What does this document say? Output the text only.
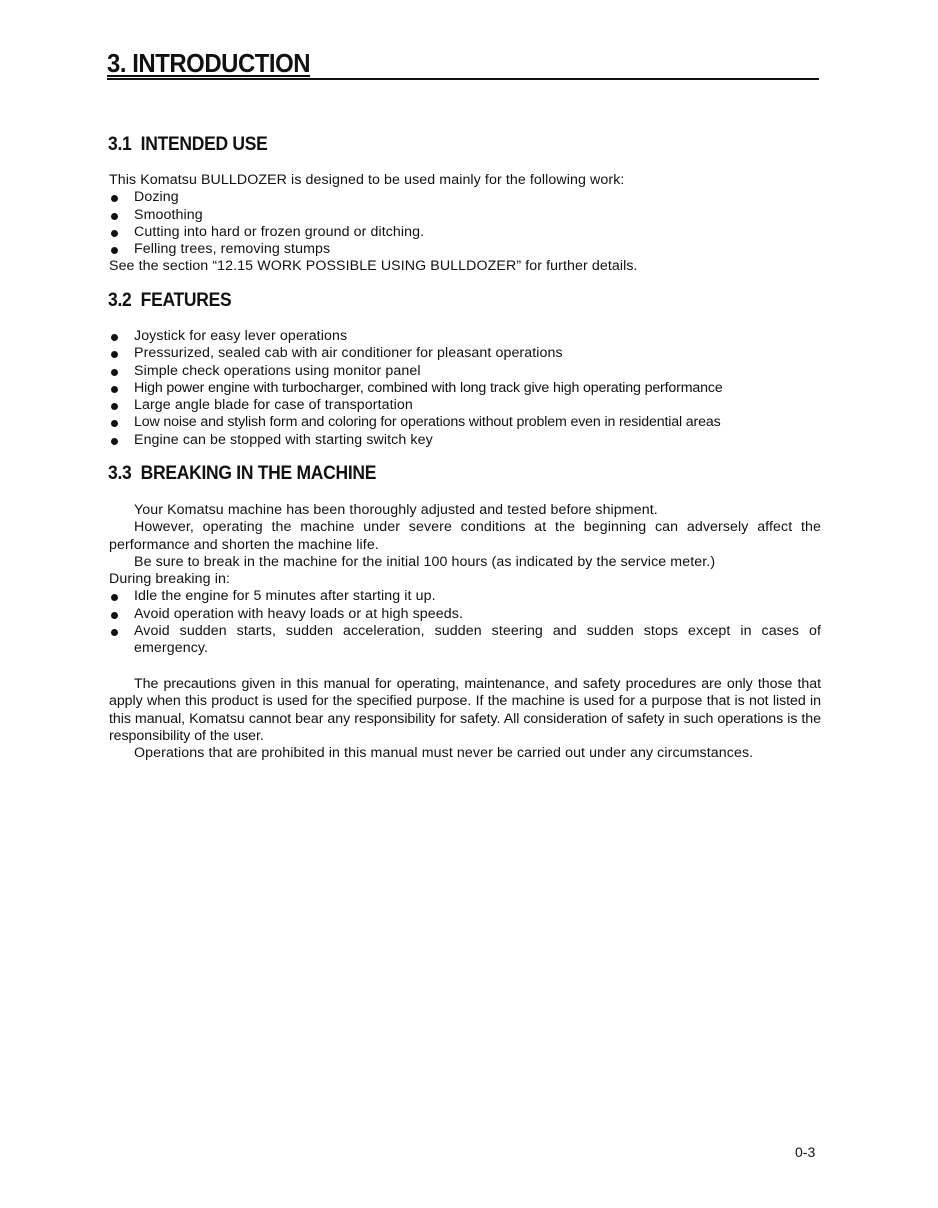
3. INTRODUCTION
3.1 INTENDED USE
This Komatsu BULLDOZER is designed to be used mainly for the following work:
Dozing
Smoothing
Cutting into hard or frozen ground or ditching.
Felling trees, removing stumps
See the section “12.15 WORK POSSIBLE USING BULLDOZER” for further details.
3.2 FEATURES
Joystick for easy lever operations
Pressurized, sealed cab with air conditioner for pleasant operations
Simple check operations using monitor panel
High power engine with turbocharger, combined with long track give high operating performance
Large angle blade for case of transportation
Low noise and stylish form and coloring for operations without problem even in residential areas
Engine can be stopped with starting switch key
3.3 BREAKING IN THE MACHINE
Your Komatsu machine has been thoroughly adjusted and tested before shipment.
However, operating the machine under severe conditions at the beginning can adversely affect the performance and shorten the machine life.
Be sure to break in the machine for the initial 100 hours (as indicated by the service meter.)
During breaking in:
Idle the engine for 5 minutes after starting it up.
Avoid operation with heavy loads or at high speeds.
Avoid sudden starts, sudden acceleration, sudden steering and sudden stops except in cases of emergency.
The precautions given in this manual for operating, maintenance, and safety procedures are only those that apply when this product is used for the specified purpose. If the machine is used for a purpose that is not listed in this manual, Komatsu cannot bear any responsibility for safety. All consideration of safety in such operations is the responsibility of the user.
Operations that are prohibited in this manual must never be carried out under any circumstances.
0-3
